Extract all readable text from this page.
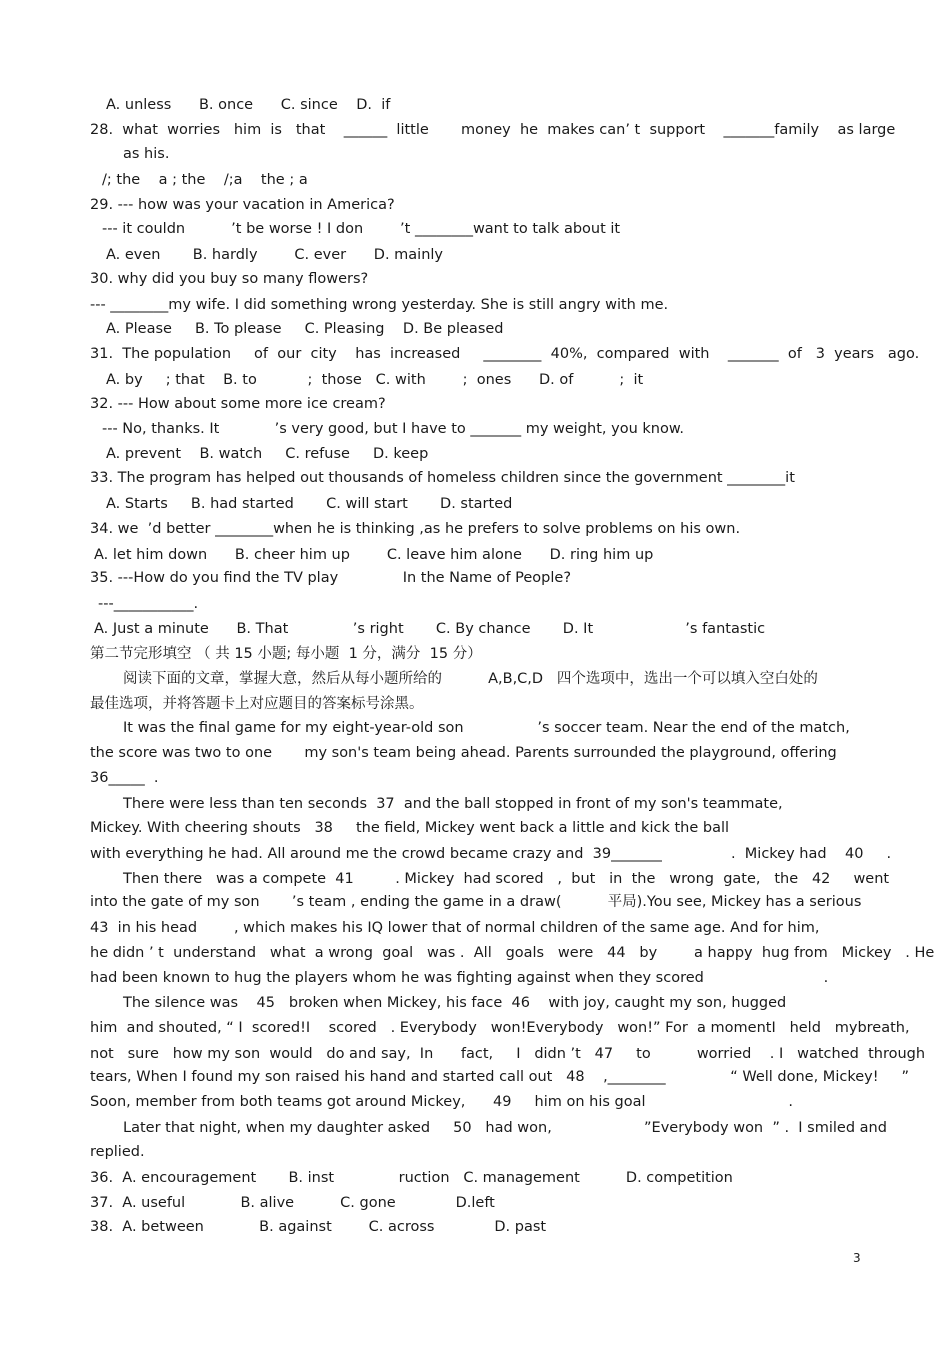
A. unless      B. once      C. since    D.  if
28.  what  worries   him  is   that    ______  little       money  he  makes can’ t  support    _______family    as large
as his.
/; the    a ; the    /;a    the ; a
29. --- how was your vacation in America?
--- it couldn          ’t be worse ! I don        ’t ________want to talk about it
A. even       B. hardly        C. ever      D. mainly
30. why did you buy so many flowers?
--- ________my wife. I did something wrong yesterday. She is still angry with me.
A. Please     B. To please     C. Pleasing    D. Be pleased
31.  The population     of  our  city    has  increased     ________  40%,  compared  with    _______  of   3  years   ago.
A. by     ; that    B. to           ;  those   C. with        ;  ones      D. of          ;  it
32. --- How about some more ice cream?
--- No, thanks. It            ’s very good, but I have to _______ my weight, you know.
A. prevent    B. watch     C. refuse     D. keep
33. The program has helped out thousands of homeless children since the government ________it
A. Starts     B. had started       C. will start       D. started
34. we  ’d better ________when he is thinking ,as he prefers to solve problems on his own.
A. let him down      B. cheer him up        C. leave him alone      D. ring him up
35. ---How do you find the TV play              In the Name of People?
---___________.
A. Just a minute      B. That              ’s right       C. By chance       D. It                    ’s fantastic
第二节完形填空 （ 共 15 小题; 每小题  1 分，满分  15 分）
阅读下面的文章，掌握大意，然后从每小题所给的          A,B,C,D   四个选项中，选出一个可以填入空白处的
最佳选项，并将答题卡上对应题目的答案标号涂黑。
It was the final game for my eight-year-old son                ’s soccer team. Near the end of the match,
the score was two to one       my son's team being ahead. Parents surrounded the playground, offering
36_____  .
There were less than ten seconds  37  and the ball stopped in front of my son's teammate,
Mickey. With cheering shouts   38     the field, Mickey went back a little and kick the ball
with everything he had. All around me the crowd became crazy and  39_______               .  Mickey had    40     .
Then there   was a compete  41         . Mickey  had scored   ,  but   in  the   wrong  gate,   the   42     went
into the gate of my son       ’s team , ending the game in a draw(          平局).You see, Mickey has a serious
43  in his head        , which makes his IQ lower that of normal children of the same age. And for him,
he didn ’ t  understand   what  a wrong  goal   was .  All   goals   were   44   by        a happy  hug from   Mickey   . He
had been known to hug the players whom he was fighting against when they scored                          .
The silence was    45   broken when Mickey, his face  46    with joy, caught my son, hugged
him  and shouted, “ I  scored!I    scored   . Everybody   won!Everybody   won!” For  a momentI   held   mybreath,
not   sure   how my son  would   do and say,  In      fact,     I   didn ’t   47     to          worried    . I   watched  through
tears, When I found my son raised his hand and started call out   48    ,________              “ Well done, Mickey!     ”
Soon, member from both teams got around Mickey,      49     him on his goal                               .
Later that night, when my daughter asked     50   had won,                    ”Everybody won  ” .  I smiled and
replied.
36.  A. encouragement       B. inst              ruction   C. management          D. competition
37.  A. useful            B. alive          C. gone             D.left
38.  A. between            B. against        C. across             D. past
3
